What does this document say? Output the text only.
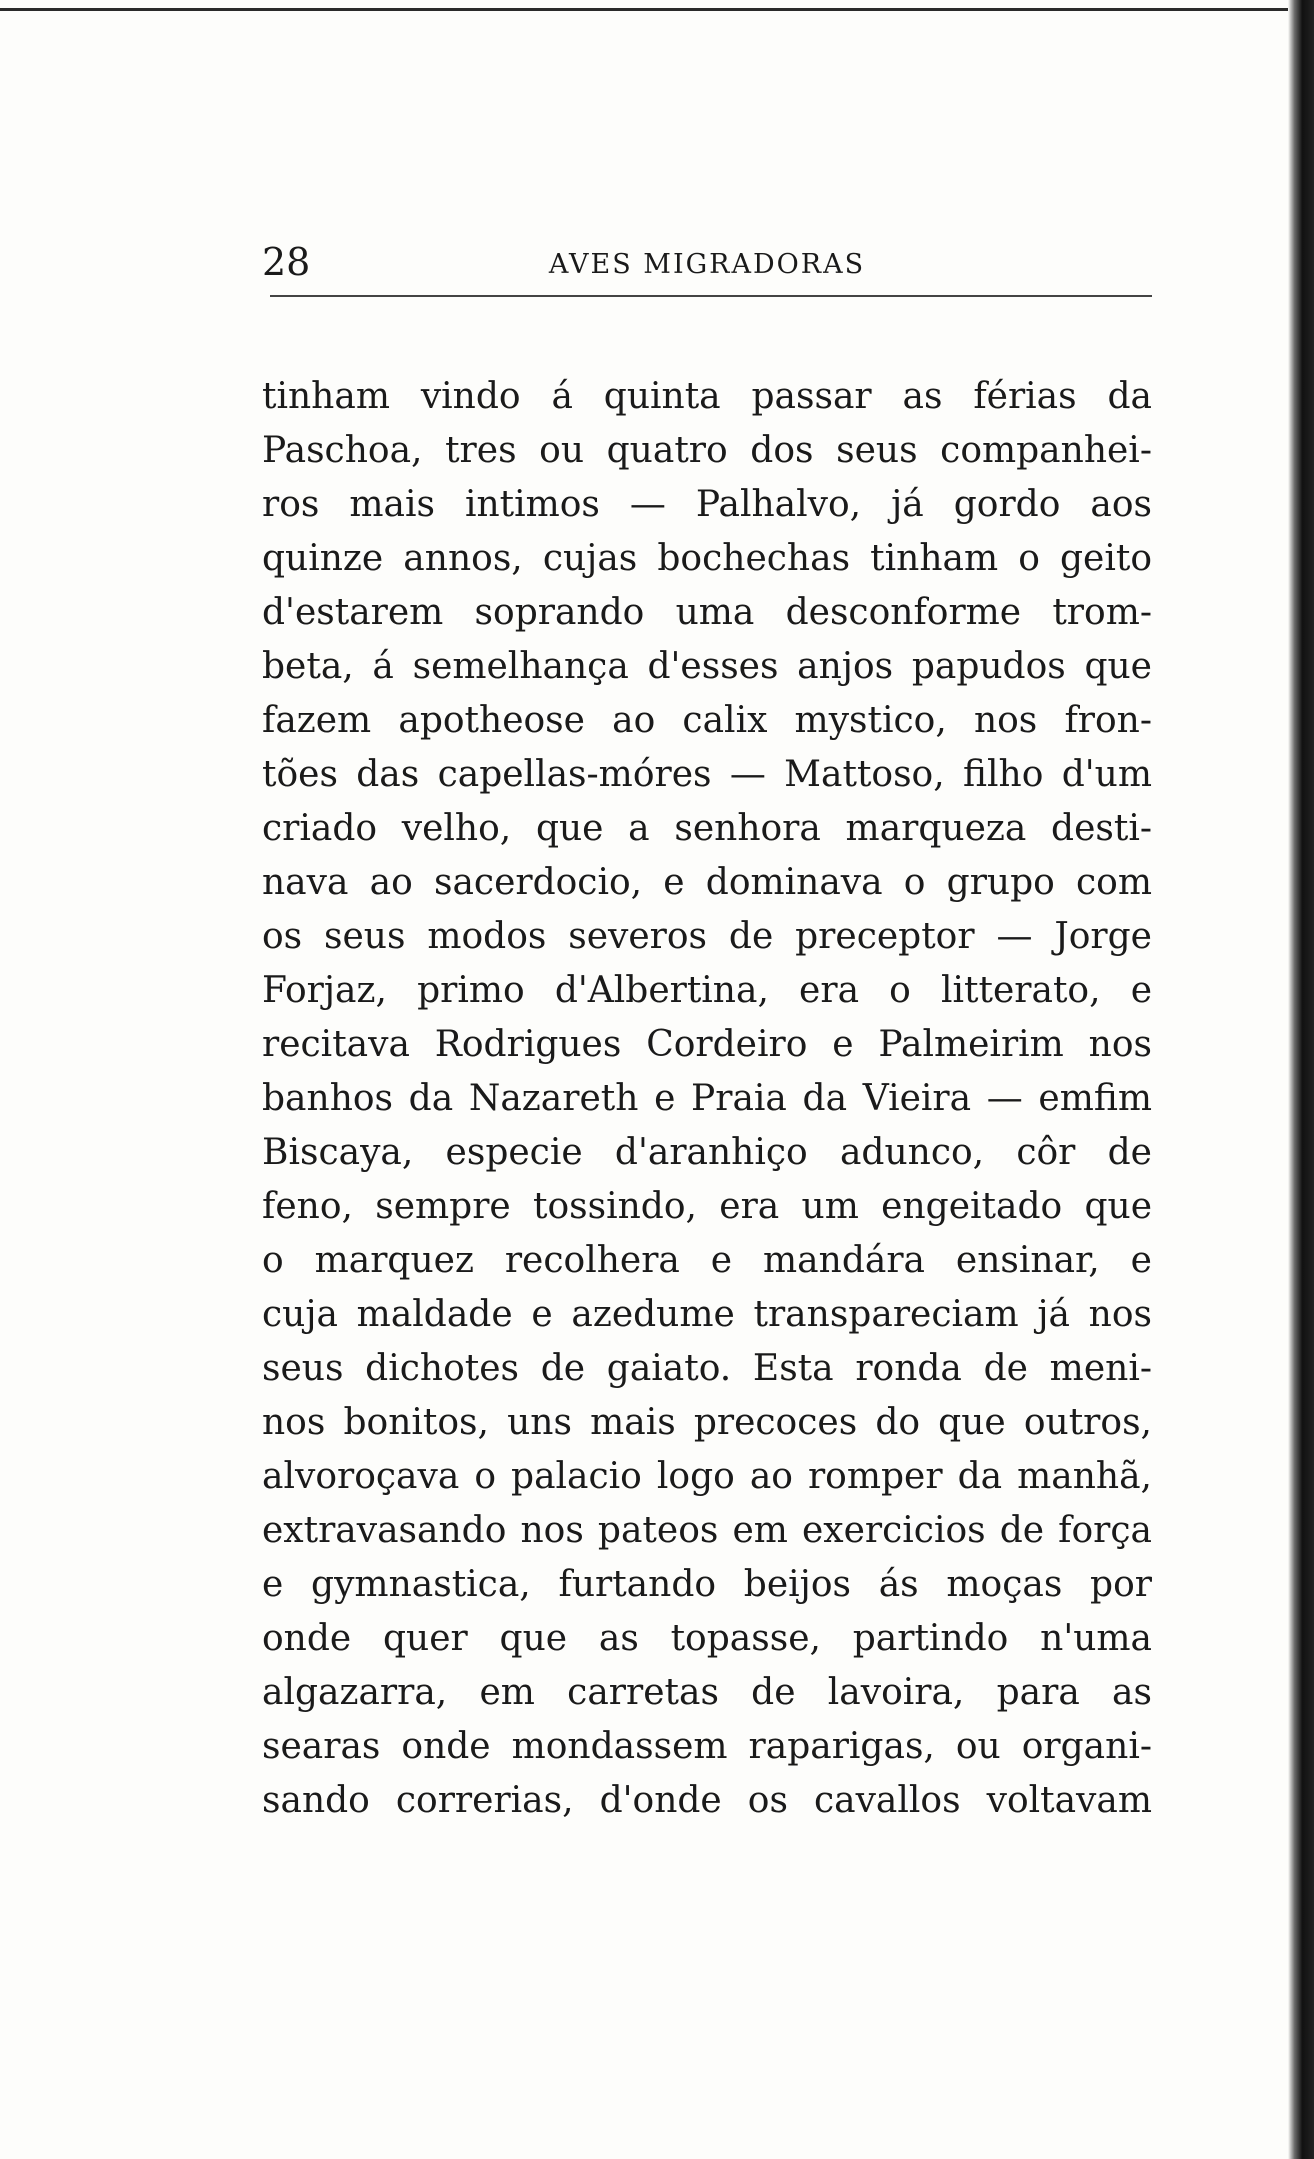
28	AVES MIGRADORAS
tinham vindo á quinta passar as férias da
Paschoa, tres ou quatro dos seus companhei-
ros mais intimos — Palhalvo, já gordo aos
quinze annos, cujas bochechas tinham o geito
d'estarem soprando uma desconforme trom-
beta, á semelhança d'esses anjos papudos que
fazem apotheose ao calix mystico, nos fron-
tões das capellas-móres — Mattoso, filho d'um
criado velho, que a senhora marqueza desti-
nava ao sacerdocio, e dominava o grupo com
os seus modos severos de preceptor — Jorge
Forjaz, primo d'Albertina, era o litterato, e
recitava Rodrigues Cordeiro e Palmeirim nos
banhos da Nazareth e Praia da Vieira — emfim
Biscaya, especie d'aranhiço adunco, côr de
feno, sempre tossindo, era um engeitado que
o marquez recolhera e mandára ensinar, e
cuja maldade e azedume transpareciam já nos
seus dichotes de gaiato. Esta ronda de meni-
nos bonitos, uns mais precoces do que outros,
alvoroçava o palacio logo ao romper da manhã,
extravasando nos pateos em exercicios de força
e gymnastica, furtando beijos ás moças por
onde quer que as topasse, partindo n'uma
algazarra, em carretas de lavoira, para as
searas onde mondassem raparigas, ou organi-
sando correrias, d'onde os cavallos voltavam
